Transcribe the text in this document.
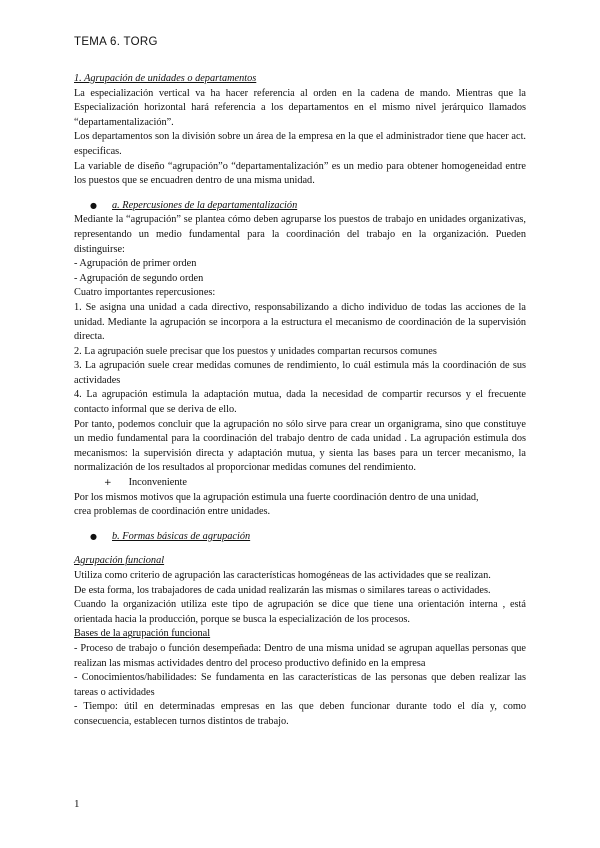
TEMA 6. TORG

1. Agrupación de unidades o departamentos

La especialización vertical va ha hacer referencia al orden en la cadena de mando. Mientras que la Especialización horizontal hará referencia a los departamentos en el mismo nivel jerárquico llamados “departamentalización”.

Los departamentos son la división sobre un área de la empresa en la que el administrador tiene que hacer act. especificas.

La variable de diseño “agrupación”o “departamentalización” es un medio para obtener homogeneidad entre los puestos que se encuadren dentro de una misma unidad.

●	a. Repercusiones de la departamentalización

Mediante la “agrupación” se plantea cómo deben agruparse los puestos de trabajo en unidades organizativas, representando un medio fundamental para la coordinación del trabajo en la organización. Pueden distinguirse:

- Agrupación de primer orden

- Agrupación de segundo orden

Cuatro importantes repercusiones:

1. Se asigna una unidad a cada directivo, responsabilizando a dicho individuo de todas las acciones de la unidad. Mediante la agrupación se incorpora a la estructura el mecanismo de coordinación de la supervisión directa.

2. La agrupación suele precisar que los puestos y unidades compartan recursos comunes

3. La agrupación suele crear medidas comunes de rendimiento, lo cuál estimula más la coordinación de sus actividades

4. La agrupación estimula la adaptación mutua, dada la necesidad de compartir recursos y el frecuente contacto informal que se deriva de ello.

Por tanto, podemos concluir que la agrupación no sólo sirve para crear un organigrama, sino que constituye un medio fundamental para la coordinación del trabajo dentro de cada unidad . La agrupación estimula dos mecanismos: la supervisión directa y adaptación mutua, y sienta las bases para un tercer mecanismo, la normalización de los resultados al proporcionar medidas comunes del rendimiento.

+ Inconveniente

Por los mismos motivos que la agrupación estimula una fuerte coordinación dentro de una unidad,

crea problemas de coordinación entre unidades.

●	b. Formas básicas de agrupación

Agrupación funcional

Utiliza como criterio de agrupación las características homogéneas de las actividades que se realizan.

De esta forma, los trabajadores de cada unidad realizarán las mismas o similares tareas o actividades.

Cuando la organización utiliza este tipo de agrupación se dice que tiene una orientación interna , está orientada hacia la producción, porque se busca la especialización de los procesos.

Bases de la agrupación funcional

- Proceso de trabajo o función desempeñada: Dentro de una misma unidad se agrupan aquellas personas que realizan las mismas actividades dentro del proceso productivo definido en la empresa

- Conocimientos/habilidades: Se fundamenta en las características de las personas que deben realizar las tareas o actividades

- Tiempo: útil en determinadas empresas en las que deben funcionar durante todo el día y, como consecuencia, establecen turnos distintos de trabajo.

1
